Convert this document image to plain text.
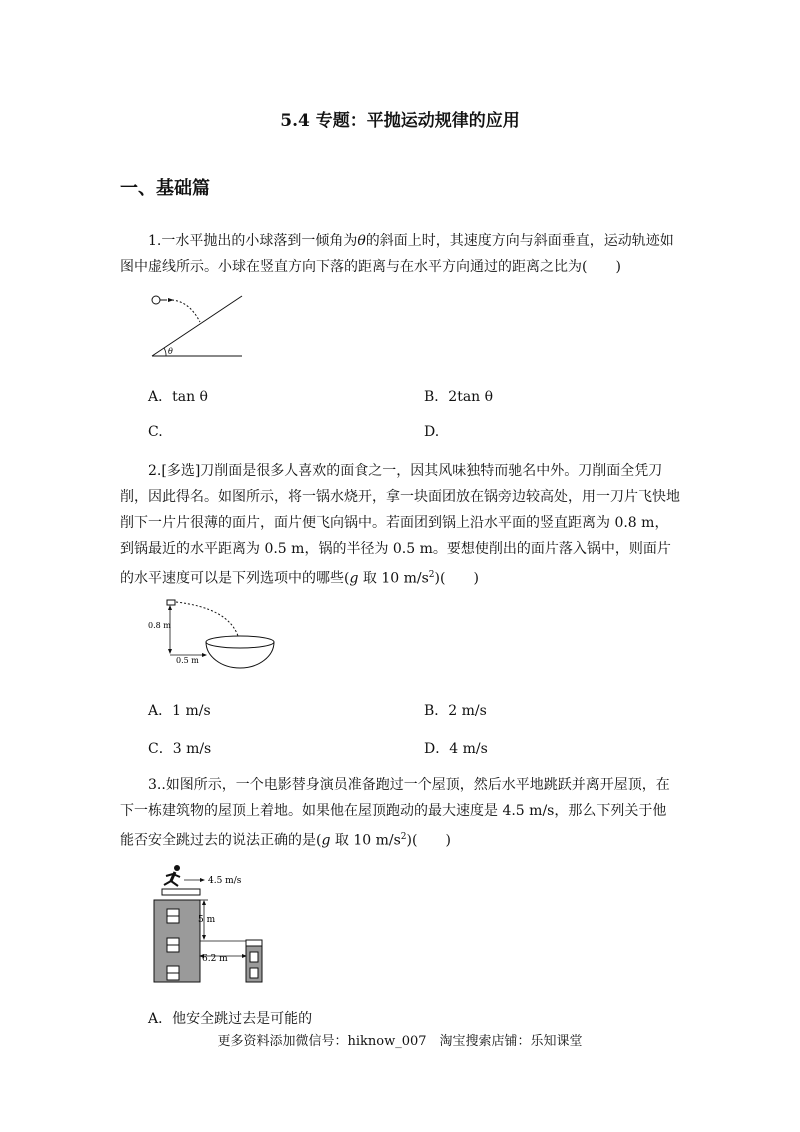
5.4 专题：平抛运动规律的应用
一、基础篇
1.一水平抛出的小球落到一倾角为θ的斜面上时，其速度方向与斜面垂直，运动轨迹如图中虚线所示。小球在竖直方向下落的距离与在水平方向通过的距离之比为(　　)
θ
A．tan θ	B．2tan θ
C.	D.
2.[多选]刀削面是很多人喜欢的面食之一，因其风味独特而驰名中外。刀削面全凭刀削，因此得名。如图所示，将一锅水烧开，拿一块面团放在锅旁边较高处，用一刀片飞快地削下一片片很薄的面片，面片便飞向锅中。若面团到锅上沿水平面的竖直距离为 0.8 m，到锅最近的水平距离为 0.5 m，锅的半径为 0.5 m。要想使削出的面片落入锅中，则面片的水平速度可以是下列选项中的哪些(g 取 10 $m/s^2$)(　　)
0.8 m
0.5 m
A．1 m/s	B．2 m/s
C．3 m/s	D．4 m/s
3..如图所示，一个电影替身演员准备跑过一个屋顶，然后水平地跳跃并离开屋顶，在下一栋建筑物的屋顶上着地。如果他在屋顶跑动的最大速度是 4.5 m/s，那么下列关于他能否安全跳过去的说法正确的是(g 取 10 $m/s^2$)(　　)
4.5 m/s
5 m
6.2 m
A．他安全跳过去是可能的
更多资料添加微信号：hiknow_007　淘宝搜索店铺：乐知课堂
